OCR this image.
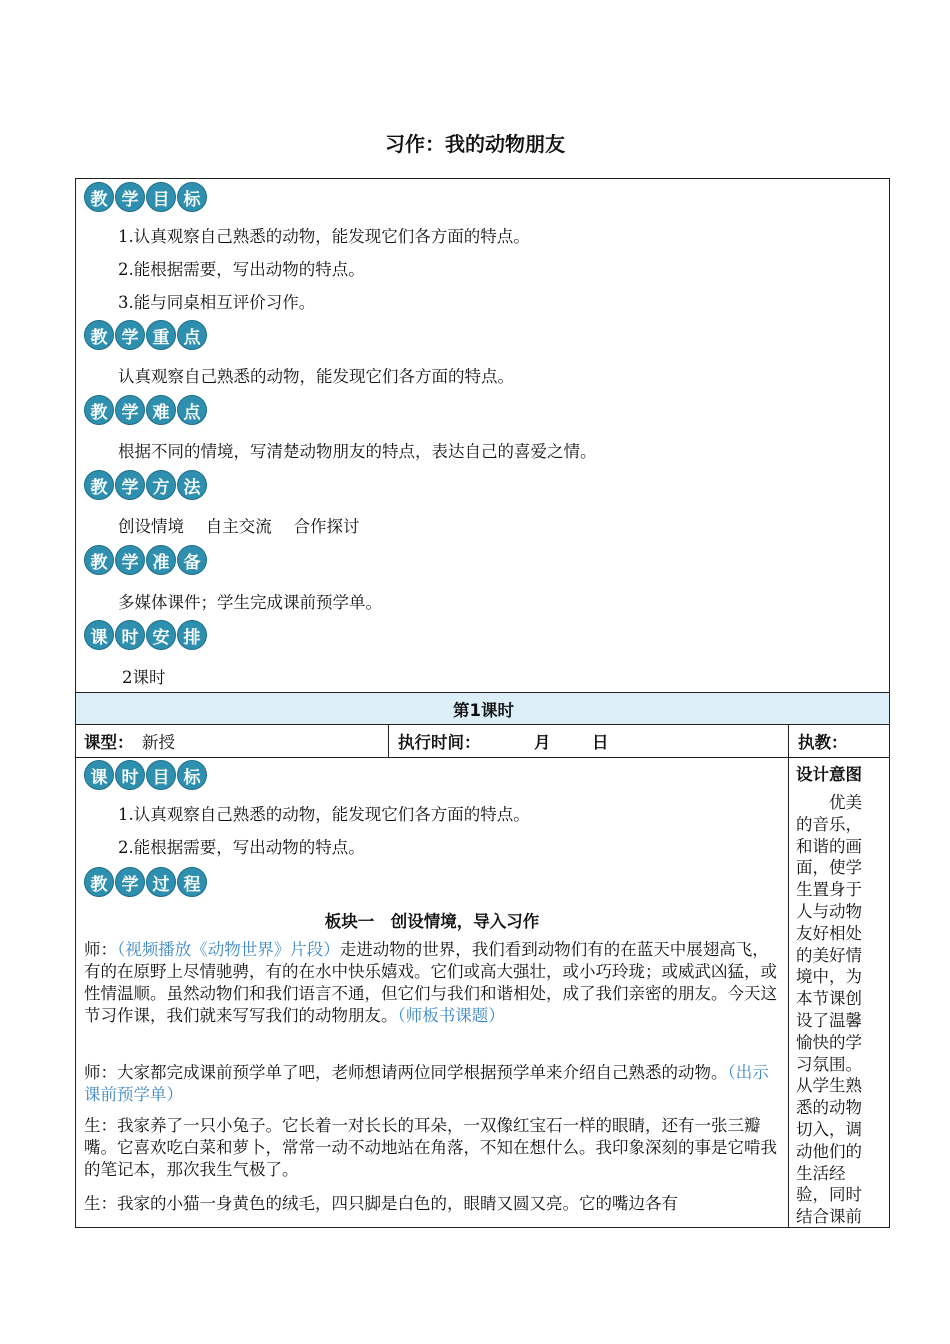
习作：我的动物朋友
教 学 目 标
1.认真观察自己熟悉的动物，能发现它们各方面的特点。
2.能根据需要，写出动物的特点。
3.能与同桌相互评价习作。
教 学 重 点
认真观察自己熟悉的动物，能发现它们各方面的特点。
教 学 难 点
根据不同的情境，写清楚动物朋友的特点，表达自己的喜爱之情。
教 学 方 法
创设情境　 自主交流　 合作探讨
教 学 准 备
多媒体课件；学生完成课前预学单。
课 时 安 排
2课时
第1课时
课型： 新授	执行时间：	月	日	执教：
课 时 目 标
1.认真观察自己熟悉的动物，能发现它们各方面的特点。
2.能根据需要，写出动物的特点。
教 学 过 程
板块一　创设情境，导入习作
师：（视频播放《动物世界》片段）走进动物的世界，我们看到动物们有的在蓝天中展翅高飞，有的在原野上尽情驰骋，有的在水中快乐嬉戏。它们或高大强壮，或小巧玲珑；或威武凶猛，或性情温顺。虽然动物们和我们语言不通，但它们与我们和谐相处，成了我们亲密的朋友。今天这节习作课，我们就来写写我们的动物朋友。（师板书课题）
师：大家都完成课前预学单了吧，老师想请两位同学根据预学单来介绍自己熟悉的动物。（出示课前预学单）
生：我家养了一只小兔子。它长着一对长长的耳朵，一双像红宝石一样的眼睛，还有一张三瓣嘴。它喜欢吃白菜和萝卜，常常一动不动地站在角落，不知在想什么。我印象深刻的事是它啃我的笔记本，那次我生气极了。
生：我家的小猫一身黄色的绒毛，四只脚是白色的，眼睛又圆又亮。它的嘴边各有
设计意图
　　优美的音乐，和谐的画面，使学生置身于人与动物友好相处的美好情境中，为本节课创设了温馨愉快的学习氛围。从学生熟悉的动物切入，调动他们的生活经验，同时结合课前
